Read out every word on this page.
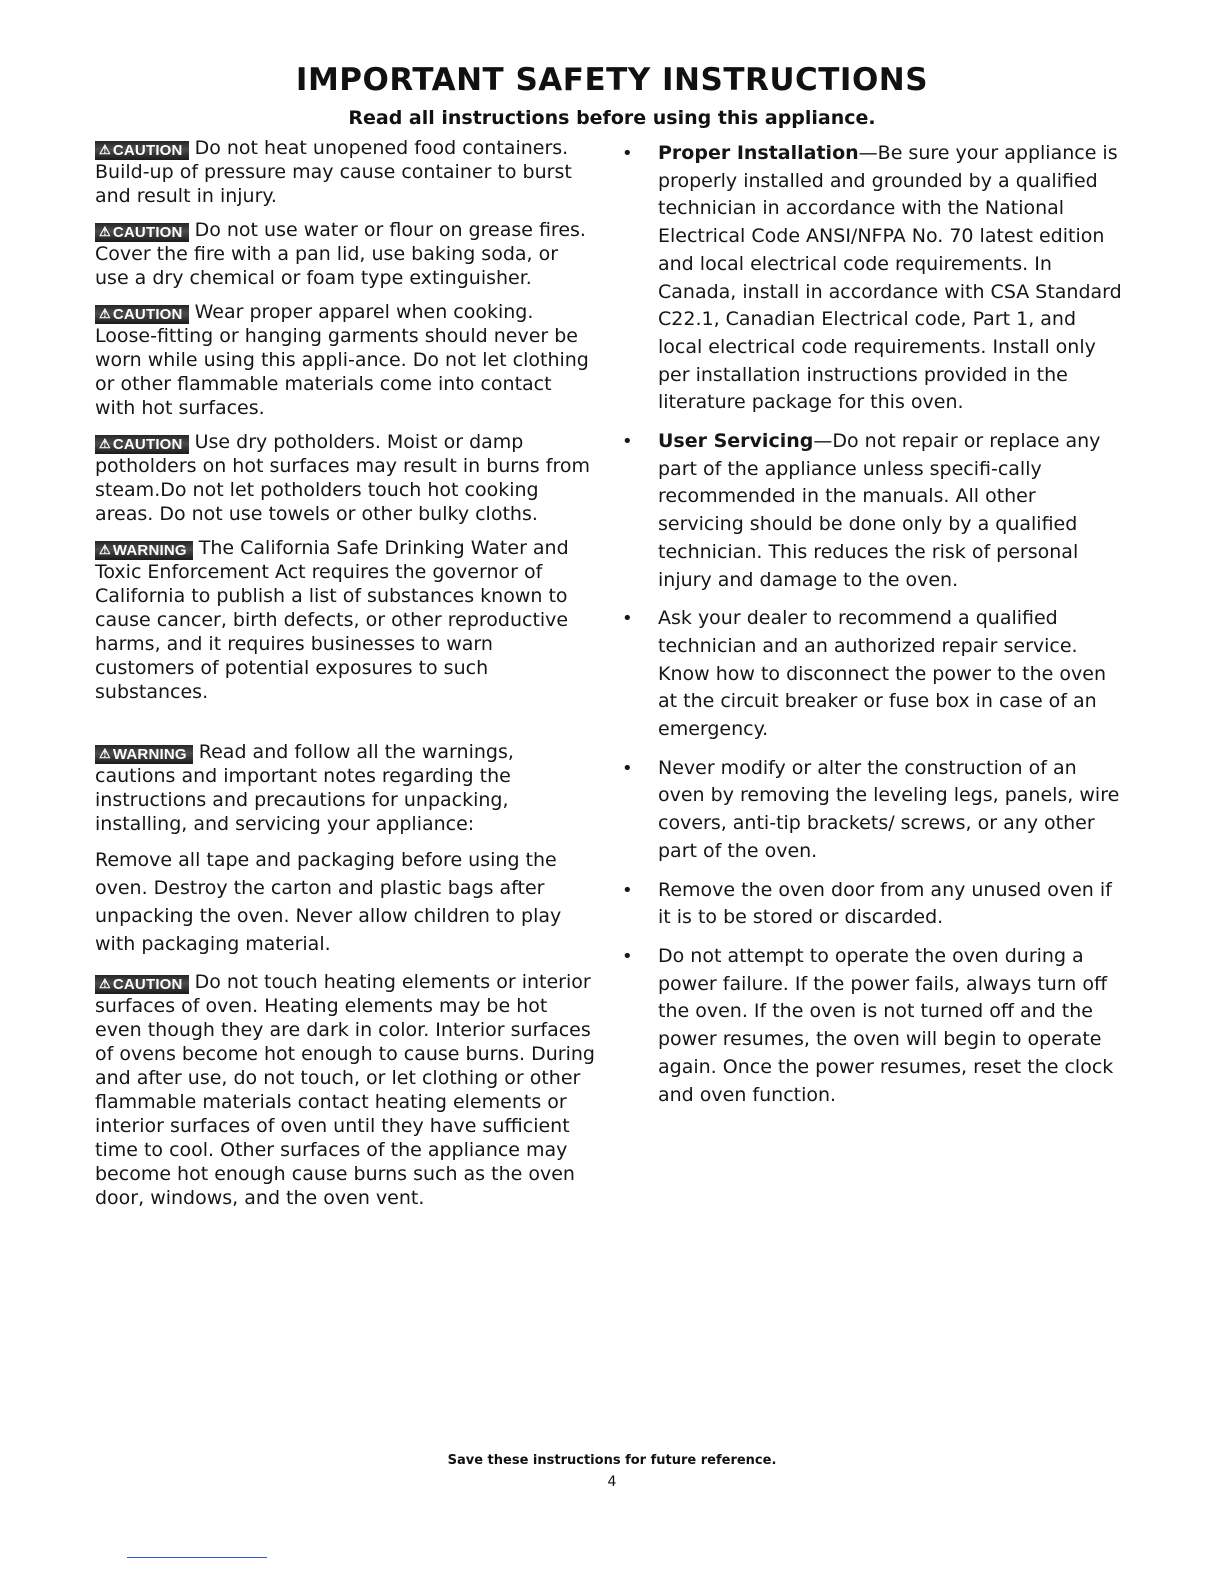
IMPORTANT SAFETY INSTRUCTIONS
Read all instructions before using this appliance.

⚠ CAUTION Do not heat unopened food containers. Build-up of pressure may cause container to burst and result in injury.

⚠ CAUTION Do not use water or flour on grease fires. Cover the fire with a pan lid, use baking soda, or use a dry chemical or foam type extinguisher.

⚠ CAUTION Wear proper apparel when cooking. Loose-fitting or hanging garments should never be worn while using this appli-ance. Do not let clothing or other flammable materials come into contact with hot surfaces.

⚠ CAUTION Use dry potholders. Moist or damp potholders on hot surfaces may result in burns from steam.Do not let potholders touch hot cooking areas. Do not use towels or other bulky cloths.

⚠ WARNING The California Safe Drinking Water and Toxic Enforcement Act requires the governor of California to publish a list of substances known to cause cancer, birth defects, or other reproductive harms, and it requires businesses to warn customers of potential exposures to such substances.

⚠ WARNING Read and follow all the warnings, cautions and important notes regarding the instructions and precautions for unpacking, installing, and servicing your appliance:

Remove all tape and packaging before using the oven. Destroy the carton and plastic bags after unpacking the oven. Never allow children to play with packaging material.

⚠ CAUTION Do not touch heating elements or interior surfaces of oven. Heating elements may be hot even though they are dark in color. Interior surfaces of ovens become hot enough to cause burns. During and after use, do not touch, or let clothing or other flammable materials contact heating elements or interior surfaces of oven until they have sufficient time to cool. Other surfaces of the appliance may become hot enough cause burns such as the oven door, windows, and the oven vent.

• Proper Installation—Be sure your appliance is properly installed and grounded by a qualified technician in accordance with the National Electrical Code ANSI/NFPA No. 70 latest edition and local electrical code requirements. In Canada, install in accordance with CSA Standard C22.1, Canadian Electrical code, Part 1, and local electrical code requirements. Install only per installation instructions provided in the literature package for this oven.
• User Servicing—Do not repair or replace any part of the appliance unless specifi-cally recommended in the manuals. All other servicing should be done only by a qualified technician. This reduces the risk of personal injury and damage to the oven.
• Ask your dealer to recommend a qualified technician and an authorized repair service. Know how to disconnect the power to the oven at the circuit breaker or fuse box in case of an emergency.
• Never modify or alter the construction of an oven by removing the leveling legs, panels, wire covers, anti-tip brackets/ screws, or any other part of the oven.
• Remove the oven door from any unused oven if it is to be stored or discarded.
• Do not attempt to operate the oven during a power failure. If the power fails, always turn off the oven. If the oven is not turned off and the power resumes, the oven will begin to operate again. Once the power resumes, reset the clock and oven function.
Save these instructions for future reference.
4
